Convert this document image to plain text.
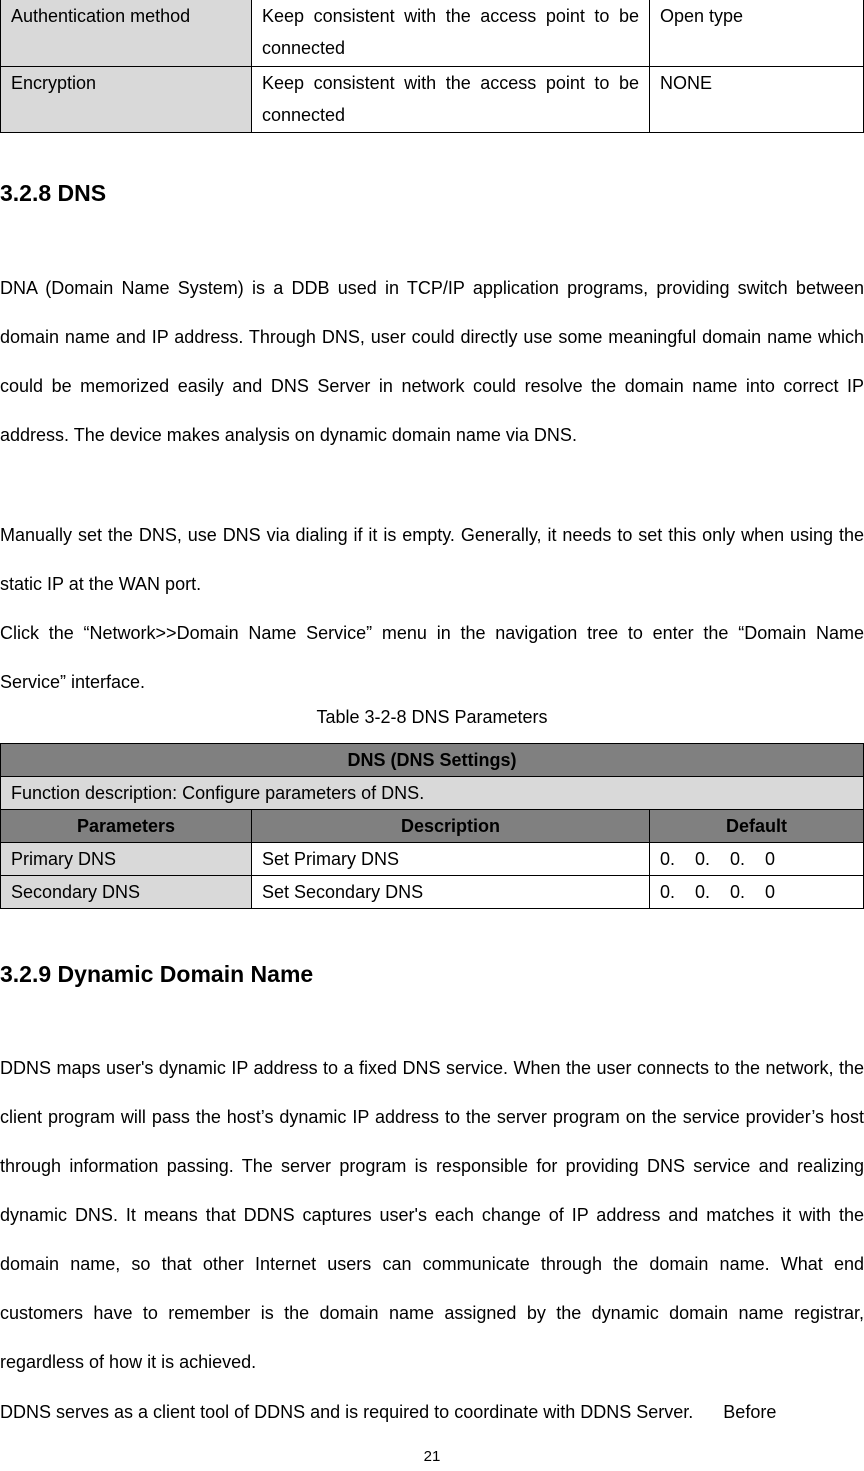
Authentication method	Keep consistent with the access point to be connected	Open type
Encryption	Keep consistent with the access point to be connected	NONE
3.2.8 DNS

DNA (Domain Name System) is a DDB used in TCP/IP application programs, providing switch between domain name and IP address. Through DNS, user could directly use some meaningful domain name which could be memorized easily and DNS Server in network could resolve the domain name into correct IP address. The device makes analysis on dynamic domain name via DNS.

Manually set the DNS, use DNS via dialing if it is empty. Generally, it needs to set this only when using the static IP at the WAN port.

Click the “Network>>Domain Name Service” menu in the navigation tree to enter the “Domain Name Service” interface.

Table 3-2-8 DNS Parameters
DNS (DNS Settings)		
Function description: Configure parameters of DNS.		
Parameters	Description	Default
Primary DNS	Set Primary DNS	0.    0.    0.    0
Secondary DNS	Set Secondary DNS	0.    0.    0.    0
3.2.9 Dynamic Domain Name

DDNS maps user's dynamic IP address to a fixed DNS service. When the user connects to the network, the client program will pass the host’s dynamic IP address to the server program on the service provider’s host through information passing. The server program is responsible for providing DNS service and realizing dynamic DNS. It means that DDNS captures user's each change of IP address and matches it with the domain name, so that other Internet users can communicate through the domain name. What end customers have to remember is the domain name assigned by the dynamic domain name registrar, regardless of how it is achieved.

DDNS serves as a client tool of DDNS and is required to coordinate with DDNS Server.      Before

21
